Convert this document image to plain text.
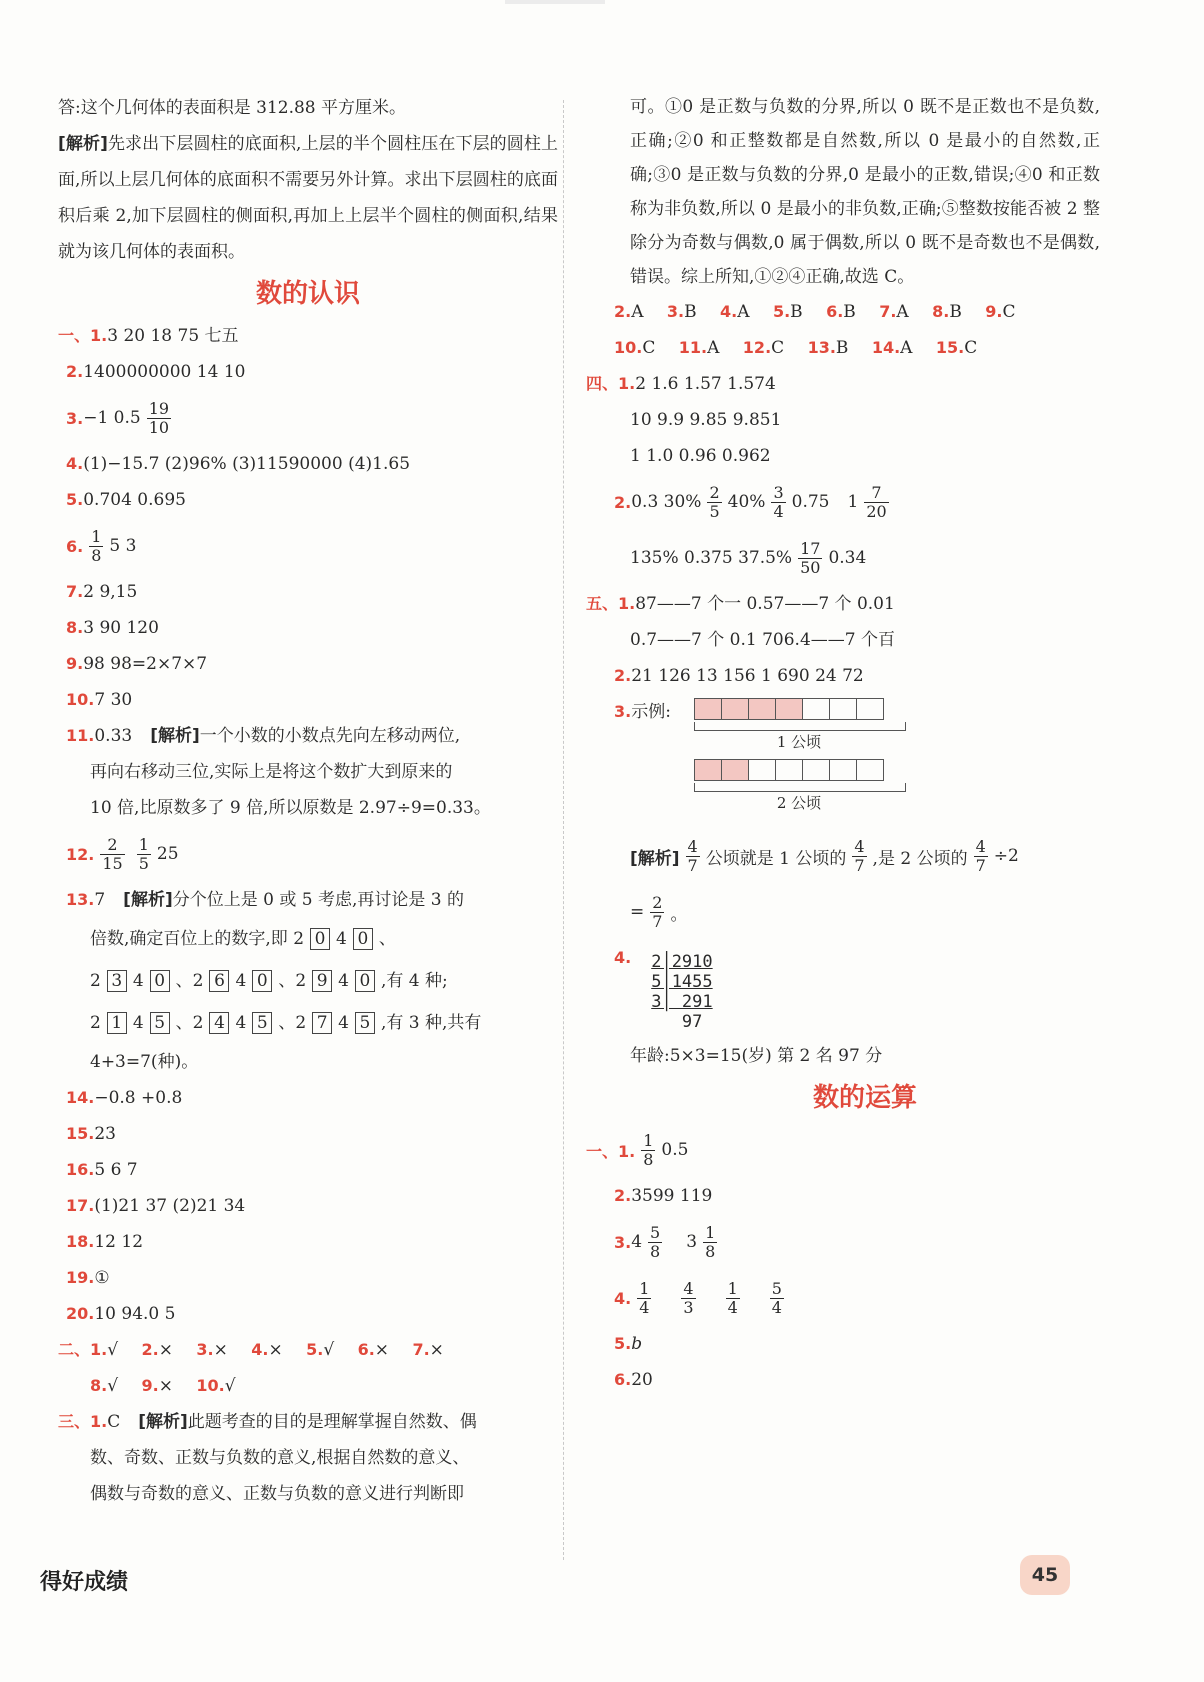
答:这个几何体的表面积是 312.88 平方厘米。
[解析]先求出下层圆柱的底面积,上层的半个圆柱压在下层的圆柱上面,所以上层几何体的底面积不需要另外计算。求出下层圆柱的底面积后乘 2,加下层圆柱的侧面积,再加上上层半个圆柱的侧面积,结果就为该几何体的表面积。
数的认识
一、1.3 20 18 75 七五
2.1400000000 14 10
3. −1 $0.5 \frac{19}{10}$
4.(1)−15.7 (2)96% (3)11590000 (4)1.65
5.0.704 0.695
6. $\frac{1}{8} 5$ 3
7.2 9,15
8.3 90 120
9.98 98=2×7×7
10.7 30
11.0.33 [解析]一个小数的小数点先向左移动两位,
再向右移动三位,实际上是将这个数扩大到原来的
10 倍,比原数多了 9 倍,所以原数是 2.97÷9=0.33。
12. $\frac{2}{15} \frac{1}{5} 25$
13.7 [解析]分个位上是 0 或 5 考虑,再讨论是 3 的
倍数,确定百位上的数字,即 2 0 4 0 、
2 3 4 0 、2 6 4 0 、2 9 4 0 ,有 4 种;
2 1 4 5 、2 4 4 5 、2 7 4 5 ,有 3 种,共有
4+3=7(种)。
14.−0.8 +0.8
15.23
16.5 6 7
17.(1)21 37 (2)21 34
18.12 12
19.①
20.10 94.0 5
二、1.√ 2.× 3.× 4.× 5.√ 6.× 7.×
8.√ 9.× 10.√
三、1.C [解析]此题考查的目的是理解掌握自然数、偶
数、奇数、正数与负数的意义,根据自然数的意义、
偶数与奇数的意义、正数与负数的意义进行判断即
可。①0 是正数与负数的分界,所以 0 既不是正数也不是负数,正确;②0 和正整数都是自然数,所以 0 是最小的自然数,正确;③0 是正数与负数的分界,0 是最小的正数,错误;④0 和正数称为非负数,所以 0 是最小的非负数,正确;⑤整数按能否被 2 整除分为奇数与偶数,0 属于偶数,所以 0 既不是奇数也不是偶数,错误。综上所知,①②④正确,故选 C。
2.A 3.B 4.A 5.B 6.B 7.A 8.B 9.C
10.C 11.A 12.C 13.B 14.A 15.C
四、1.2 1.6 1.57 1.574
10 9.9 9.85 9.851
1 1.0 0.96 0.962
2. 0.3 $30\% \frac{2}{5} 40\% \frac{3}{4} 0.75$ $1 \frac{7}{20}$
135% 0.375 $37.5\% \frac{17}{50} 0.34$
五、1.87——7 个一 0.57——7 个 0.01
0.7——7 个 0.1 706.4——7 个百
2.21 126 13 156 1 690 24 72
3.示例:
1 公顷
2 公顷
[解析] $\frac{4}{7}$ 公顷就是 1 公顷的 $\frac{4}{7}$ ,是 2 公顷的 $\frac{4}{7} \div 2$
= $\frac{2}{7}$ 。
4. 2│2910
5│1455
3│ 291
97
年龄:5×3=15(岁) 第 2 名 97 分
数的运算
一、1. $\frac{1}{8} 0.5$
2.3599 119
3. $4 \frac{5}{8} 3 \frac{1}{8}$
4. $\frac{1}{4} \frac{4}{3} \frac{1}{4} \frac{5}{4}$
5.b
6.20
得好成绩	45
